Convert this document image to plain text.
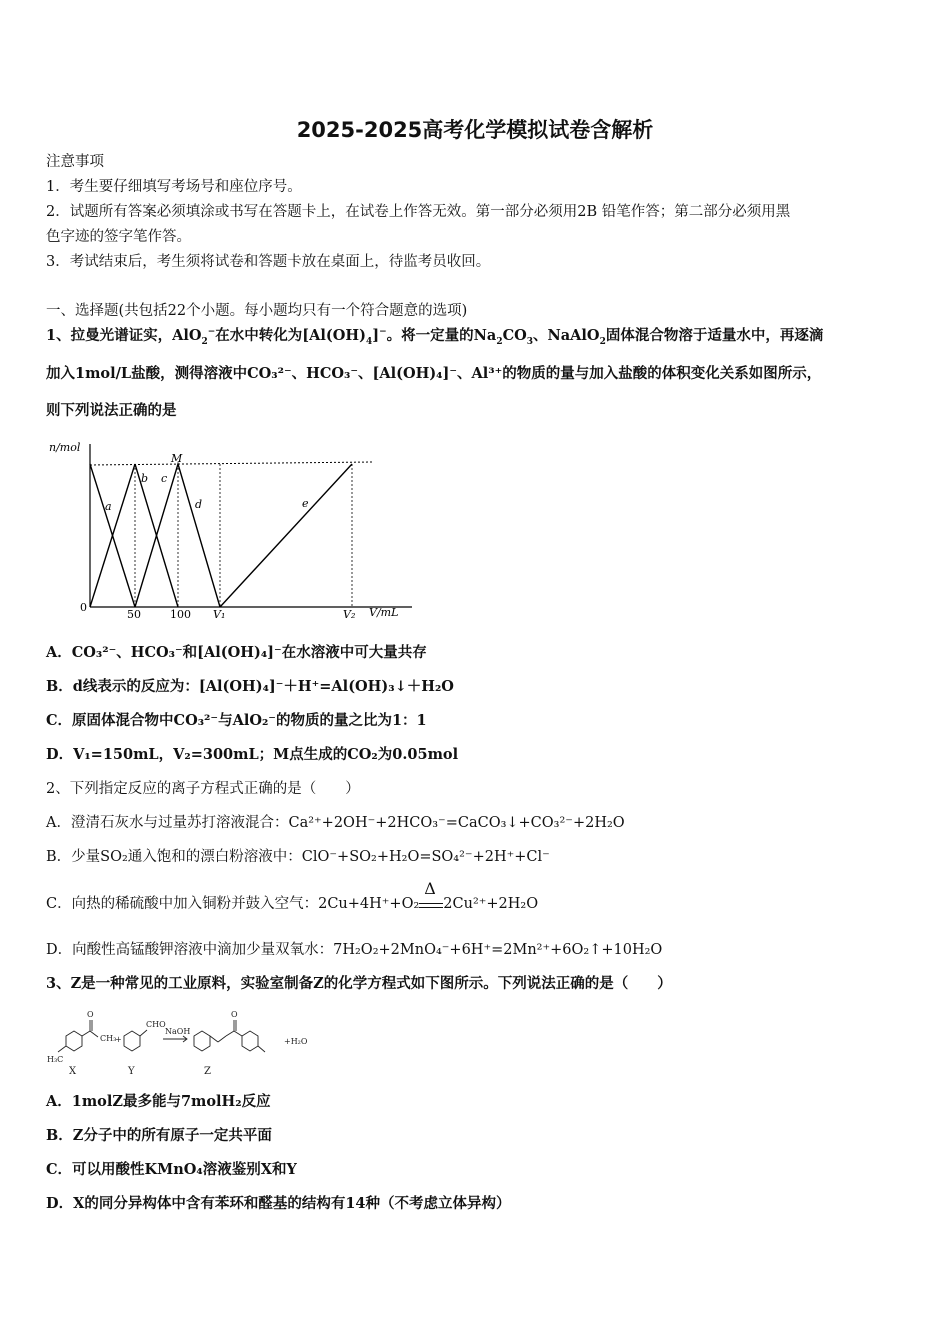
2025-2025高考化学模拟试卷含解析
注意事项
1．考生要仔细填写考场号和座位序号。
2．试题所有答案必须填涂或书写在答题卡上，在试卷上作答无效。第一部分必须用2B 铅笔作答；第二部分必须用黑
色字迹的签字笔作答。
3．考试结束后，考生须将试卷和答题卡放在桌面上，待监考员收回。
一、选择题(共包括22个小题。每小题均只有一个符合题意的选项)
1、拉曼光谱证实，AlO$_2$−在水中转化为$[Al(OH)_4]^-$。将一定量的$Na_2CO_3$、NaAlO$_2$固体混合物溶于适量水中，再逐滴
加入1mol/L盐酸，测得溶液中CO₃²⁻、HCO₃⁻、[Al(OH)₄]⁻、Al³⁺的物质的量与加入盐酸的体积变化关系如图所示，
则下列说法正确的是
n/mol
0
50	100 V₁	V₂ V/mL
M
a
b c
d	e
A．CO₃²⁻、HCO₃⁻和[Al(OH)₄]⁻在水溶液中可大量共存
B．d线表示的反应为：[Al(OH)₄]⁻＋H⁺=Al(OH)₃↓＋H₂O
C．原固体混合物中CO₃²⁻与AlO₂⁻的物质的量之比为1：1
D．V₁=150mL，V₂=300mL；M点生成的CO₂为0.05mol
2、下列指定反应的离子方程式正确的是（　　）
A．澄清石灰水与过量苏打溶液混合：Ca²⁺+2OH⁻+2HCO₃⁻=CaCO₃↓+CO₃²⁻+2H₂O
B．少量SO₂通入饱和的漂白粉溶液中：ClO⁻+SO₂+H₂O=SO₄²⁻+2H⁺+Cl⁻
C．向热的稀硫酸中加入铜粉并鼓入空气：2Cu+4H⁺+O₂
Δ
2Cu²⁺+2H₂O
D．向酸性高锰酸钾溶液中滴加少量双氧水：7H₂O₂+2MnO₄⁻+6H⁺=2Mn²⁺+6O₂↑+10H₂O
3、Z是一种常见的工业原料，实验室制备Z的化学方程式如下图所示。下列说法正确的是（　　）
O
CH₃
H₃C
X
+
CHO
Y
NaOH
O
Z
+H₂O
A．1molZ最多能与7molH₂反应
B．Z分子中的所有原子一定共平面
C．可以用酸性KMnO₄溶液鉴别X和Y
D．X的同分异构体中含有苯环和醛基的结构有14种（不考虑立体异构）
